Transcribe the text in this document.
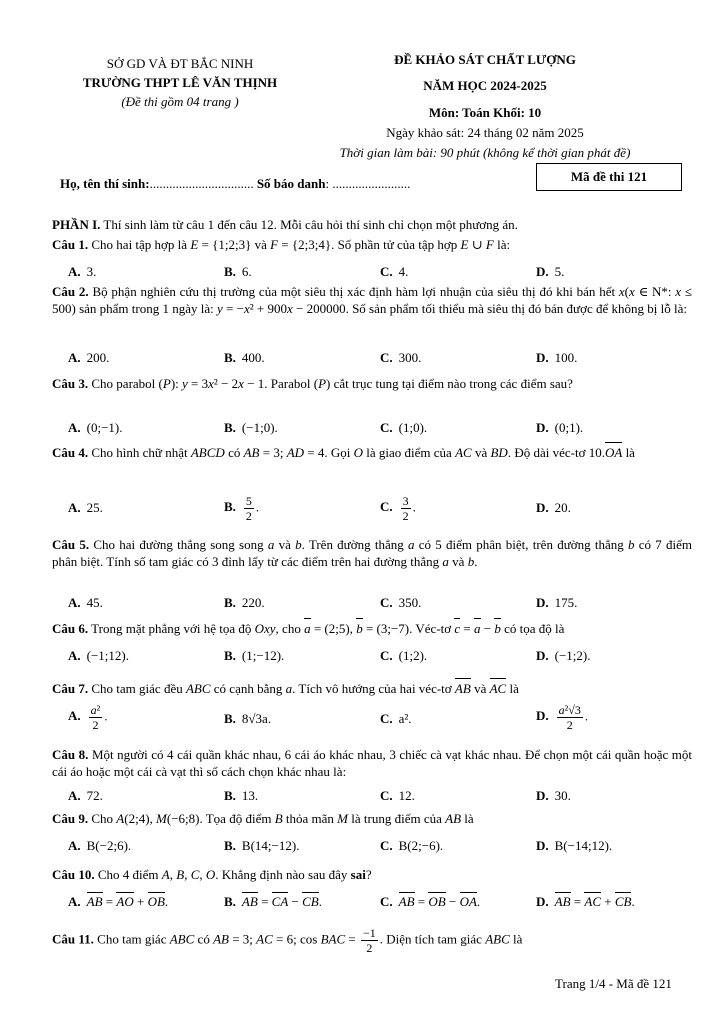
SỞ GD VÀ ĐT BẮC NINH
TRƯỜNG THPT LÊ VĂN THỊNH
(Đề thi gồm 04 trang )
ĐỀ KHẢO SÁT CHẤT LƯỢNG
NĂM HỌC 2024-2025
Môn: Toán Khối: 10
Ngày khảo sát: 24 tháng 02 năm 2025
Thời gian làm bài: 90 phút (không kể thời gian phát đề)
Họ, tên thí sinh:................................ Số báo danh: ........................	Mã đề thi 121
PHẦN I. Thí sinh làm từ câu 1 đến câu 12. Mỗi câu hỏi thí sinh chỉ chọn một phương án.
Câu 1. Cho hai tập hợp là E = {1;2;3} và F = {2;3;4}. Số phần tử của tập hợp E ∪ F là:
A. 3.	B. 6.	C. 4.	D. 5.
Câu 2. Bộ phận nghiên cứu thị trường của một siêu thị xác định hàm lợi nhuận của siêu thị đó khi bán hết x(x ∈ N*: x ≤ 500) sản phẩm trong 1 ngày là: y = −x² + 900x − 200000. Số sản phẩm tối thiểu mà siêu thị đó bán được để không bị lỗ là:
A. 200.	B. 400.	C. 300.	D. 100.
Câu 3. Cho parabol (P): y = 3x² − 2x − 1. Parabol (P) cắt trục tung tại điểm nào trong các điểm sau?
A. (0;−1).	B. (−1;0).	C. (1;0).	D. (0;1).
Câu 4. Cho hình chữ nhật ABCD có AB = 3; AD = 4. Gọi O là giao điểm của AC và BD. Độ dài véc-tơ 10.OA là
A. 25.	B. $\frac{5}{2}$ .	C. $\frac{3}{2}$ .	D. 20.
Câu 5. Cho hai đường thẳng song song a và b. Trên đường thẳng a có 5 điểm phân biệt, trên đường thẳng b có 7 điểm phân biệt. Tính số tam giác có 3 đỉnh lấy từ các điểm trên hai đường thẳng a và b.
A. 45.	B. 220.	C. 350.	D. 175.
Câu 6. Trong mặt phẳng với hệ tọa độ Oxy, cho a = (2;5), b = (3;−7). Véc-tơ c = a − b có tọa độ là
A. (−1;12).	B. (1;−12).	C. (1;2).	D. (−1;2).
Câu 7. Cho tam giác đều ABC có cạnh bằng a. Tích vô hướng của hai véc-tơ AB và AC là
A. $\frac{\text{a²}}{2}$ .	B. 8√3a.	C. a².	D. $\frac{\text{a²√3}}{2}$ .
Câu 8. Một người có 4 cái quần khác nhau, 6 cái áo khác nhau, 3 chiếc cà vạt khác nhau. Để chọn một cái quần hoặc một cái áo hoặc một cái cà vạt thì số cách chọn khác nhau là:
A. 72.	B. 13.	C. 12.	D. 30.
Câu 9. Cho A(2;4), M(−6;8). Tọa độ điểm B thỏa mãn M là trung điểm của AB là
A. B(−2;6).	B. B(14;−12).	C. B(2;−6).	D. B(−14;12).
Câu 10. Cho 4 điểm A, B, C, O. Khẳng định nào sau đây sai?
A. AB = AO + OB.	B. AB = CA − CB.	C. AB = OB − OA.	D. AB = AC + CB.
Câu 11. Cho tam giác ABC có AB = 3; AC = 6; cos BAC = $\frac{-1}{2}$ . Diện tích tam giác ABC là
Trang 1/4 - Mã đề 121
